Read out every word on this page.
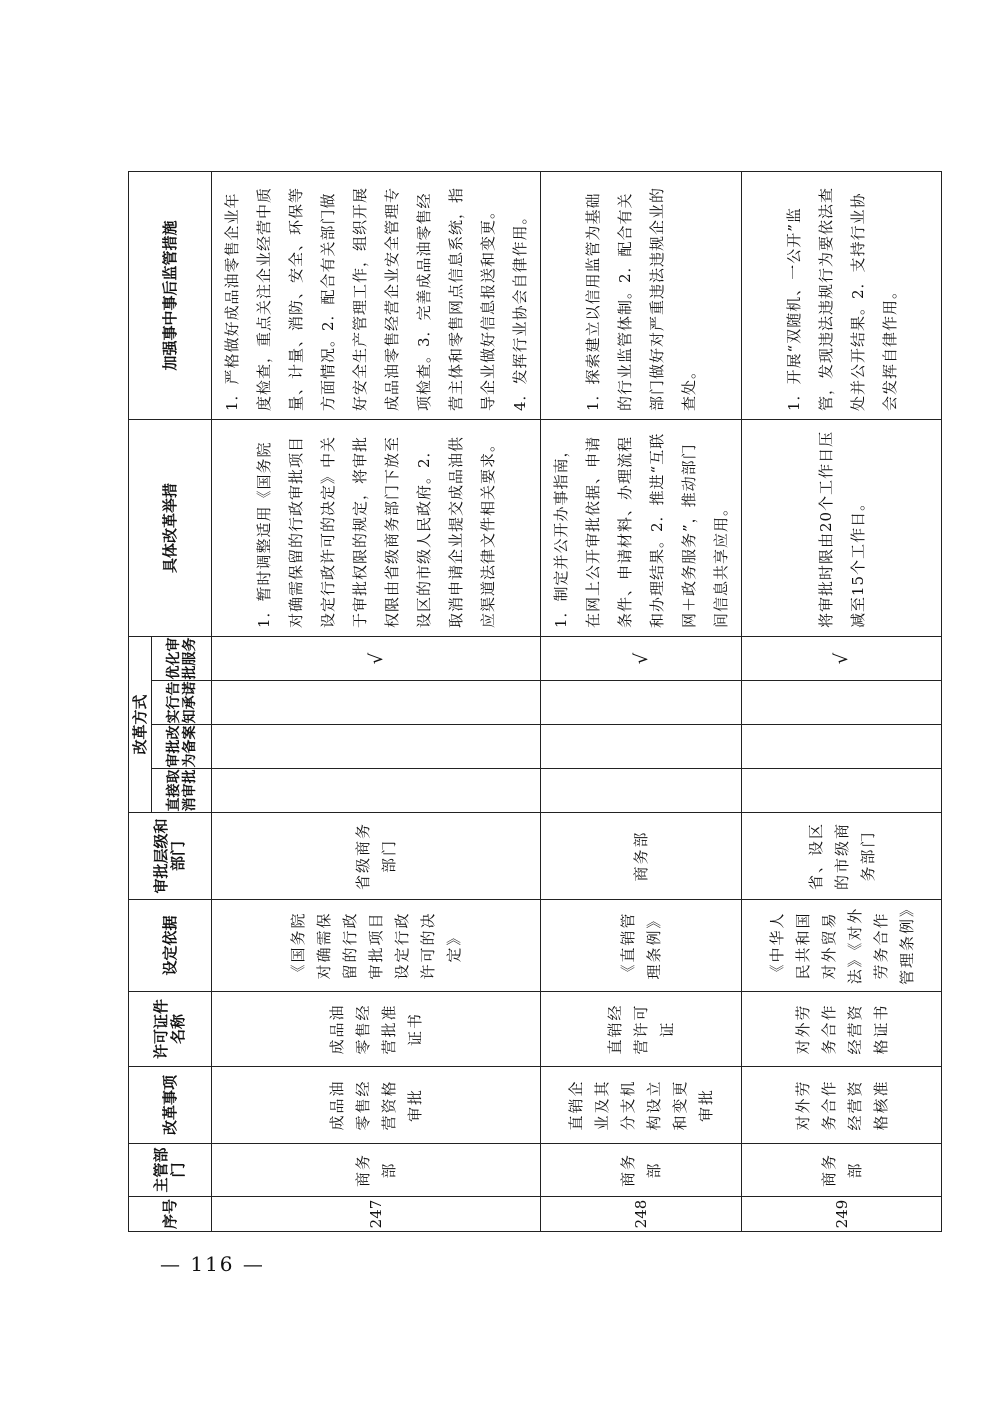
序号	主管部门	改革事项	许可证件名称	设定依据	审批层级和部门	改革方式				具体改革举措	加强事中事后监管措施
						直接取消审批	审批改为备案	实行告知承诺	优化审批服务		
247	商务部	成品油零售经营资格审批	成品油零售经营批准证书	《国务院对确需保留的行政审批项目设定行政许可的决定》	省级商务部门				√	1．暂时调整适用《国务院对确需保留的行政审批项目设定行政许可的决定》中关于审批权限的规定，将审批权限由省级商务部门下放至设区的市级人民政府。2．取消申请企业提交成品油供应渠道法律文件相关要求。	1．严格做好成品油零售企业年度检查，重点关注企业经营中质量、计量、消防、安全、环保等方面情况。2．配合有关部门做好安全生产管理工作，组织开展成品油零售经营企业安全管理专项检查。3．完善成品油零售经营主体和零售网点信息系统，指导企业做好信息报送和变更。4．发挥行业协会自律作用。
248	商务部	直销企业及其分支机构设立和变更审批	直销经营许可证	《直销管理条例》	商务部				√	1．制定并公开办事指南，在网上公开审批依据、申请条件、申请材料、办理流程和办理结果。2．推进“互联网＋政务服务”，推动部门间信息共享应用。	1．探索建立以信用监管为基础的行业监管体制。2．配合有关部门做好对严重违法违规企业的查处。
249	商务部	对外劳务合作经营资格核准	对外劳务合作经营资格证书	《中华人民共和国对外贸易法》《对外劳务合作管理条例》	省、设区的市级商务部门				√	将审批时限由20个工作日压减至15个工作日。	1．开展“双随机、一公开”监管，发现违法违规行为要依法查处并公开结果。2．支持行业协会发挥自律作用。
— 116 —
